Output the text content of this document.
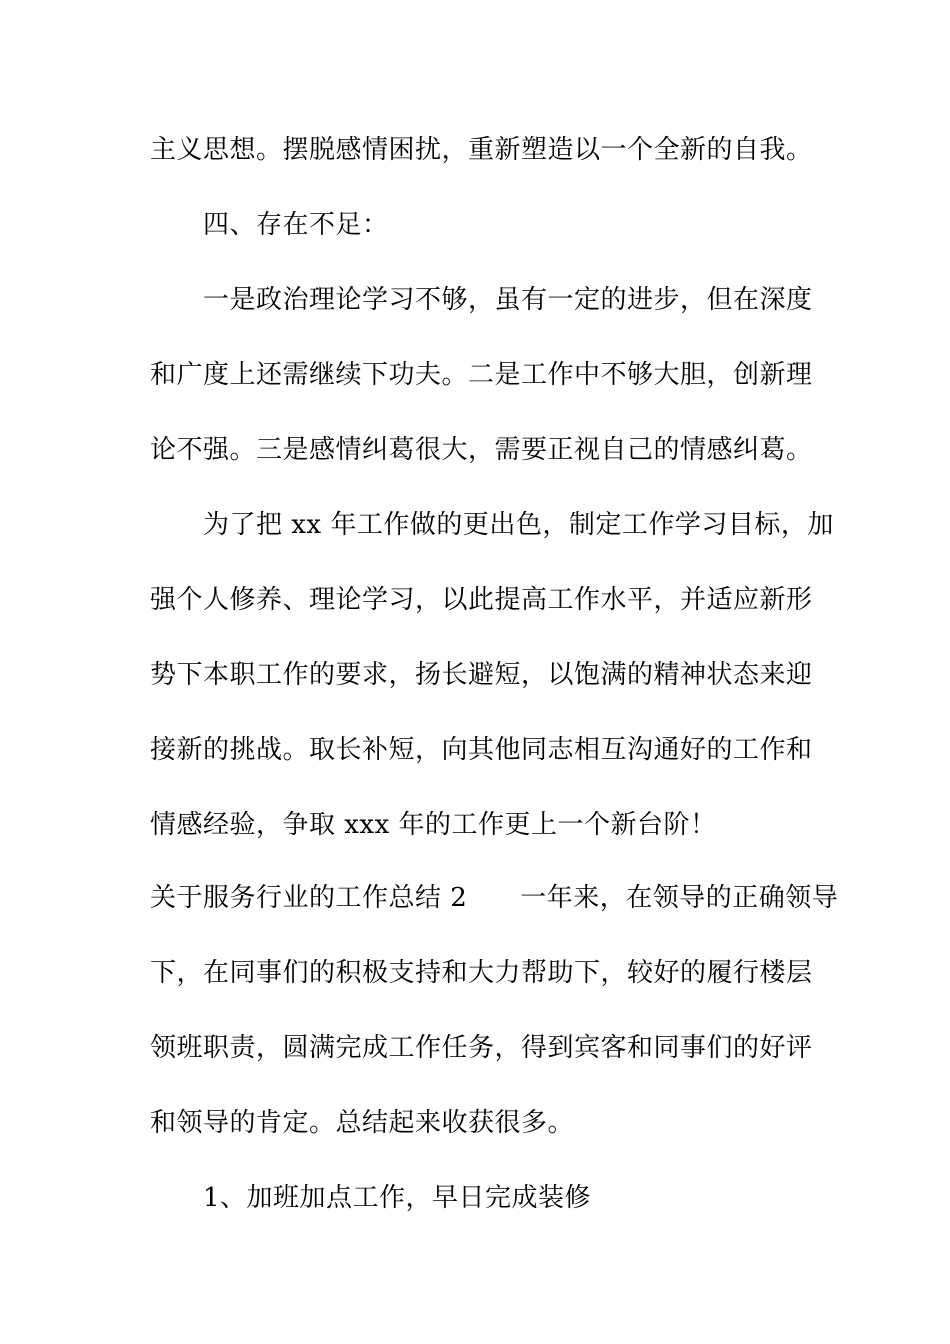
主义思想。摆脱感情困扰，重新塑造以一个全新的自我。
四、存在不足：
一是政治理论学习不够，虽有一定的进步，但在深度
和广度上还需继续下功夫。二是工作中不够大胆，创新理
论不强。三是感情纠葛很大，需要正视自己的情感纠葛。
为了把 xx 年工作做的更出色，制定工作学习目标，加
强个人修养、理论学习，以此提高工作水平，并适应新形
势下本职工作的要求，扬长避短，以饱满的精神状态来迎
接新的挑战。取长补短，向其他同志相互沟通好的工作和
情感经验，争取 xxx 年的工作更上一个新台阶！
关于服务行业的工作总结 2　　一年来，在领导的正确领导
下，在同事们的积极支持和大力帮助下，较好的履行楼层
领班职责，圆满完成工作任务，得到宾客和同事们的好评
和领导的肯定。总结起来收获很多。
1、加班加点工作，早日完成装修
